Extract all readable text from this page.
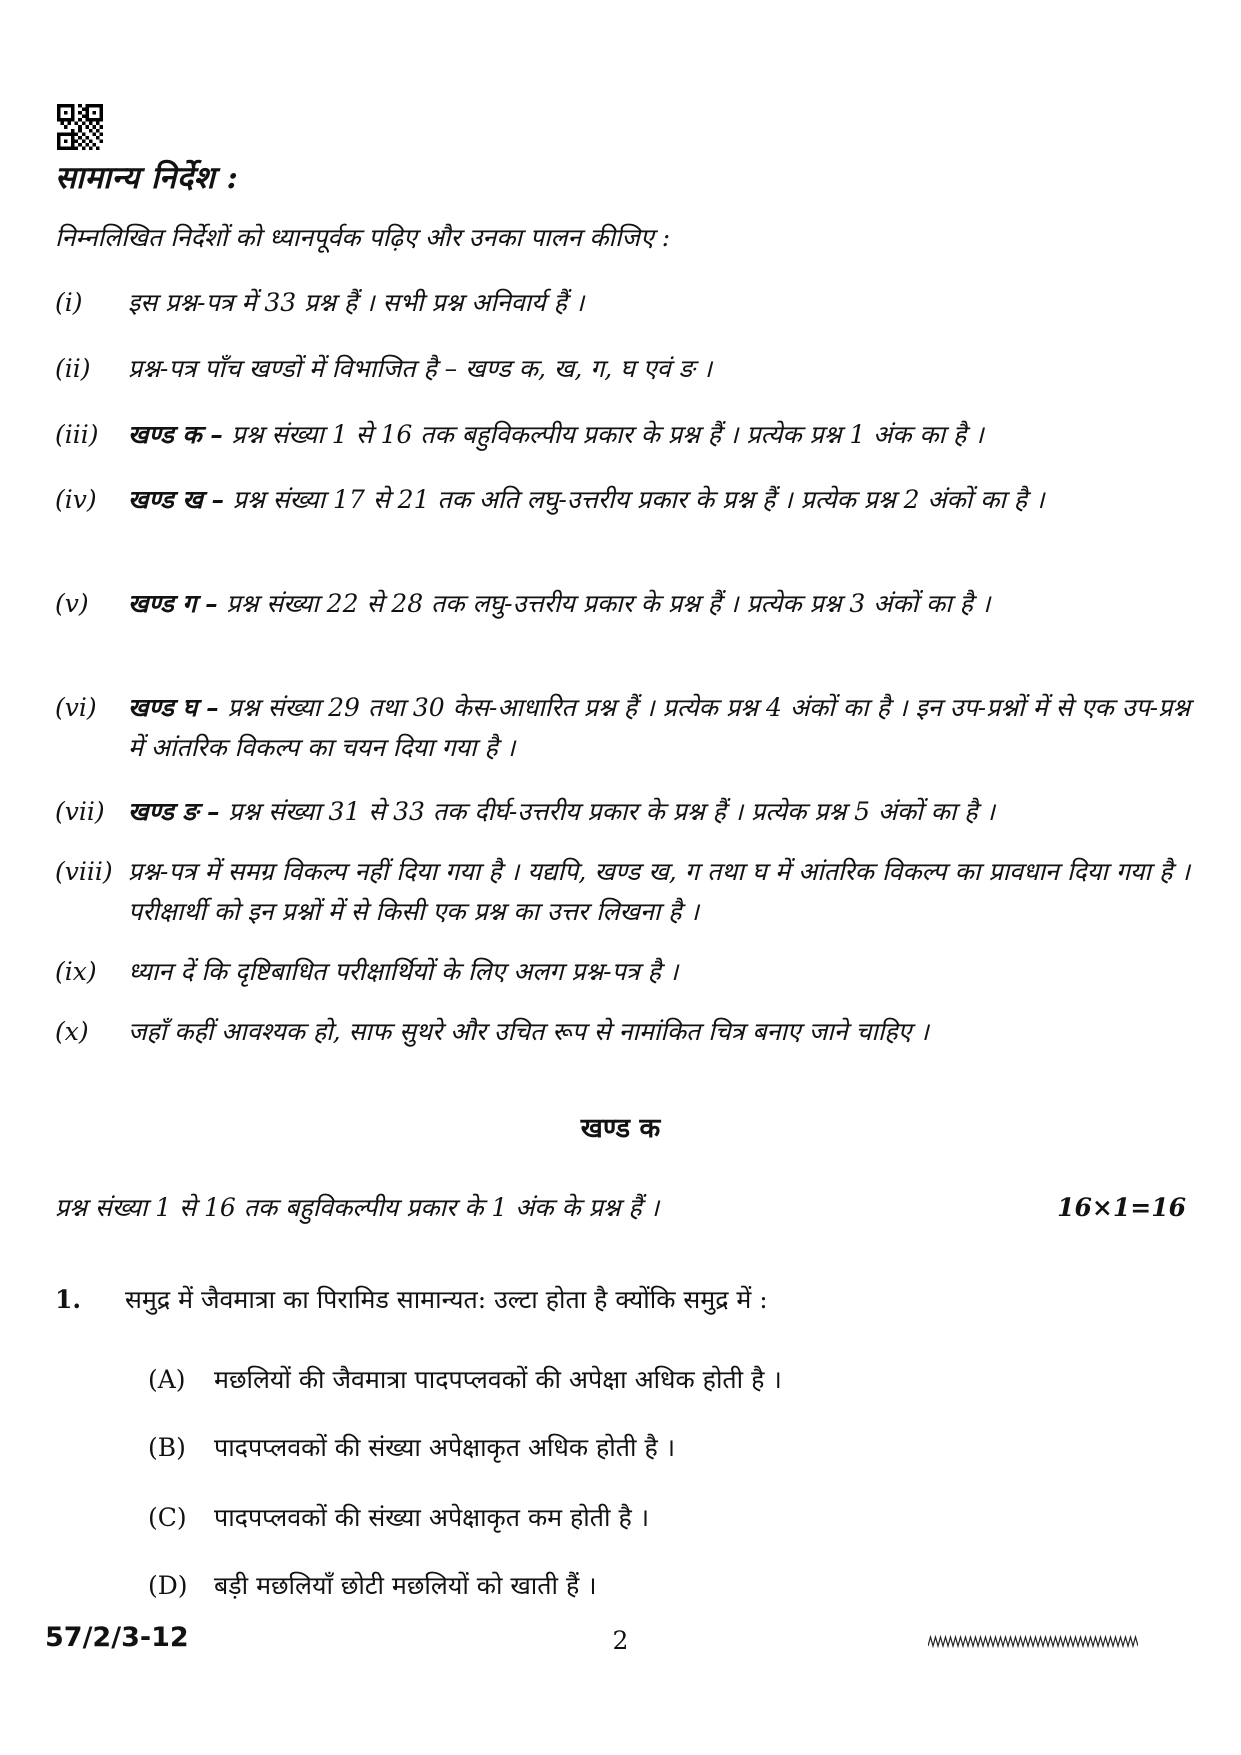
सामान्य निर्देश :
निम्नलिखित निर्देशों को ध्यानपूर्वक पढ़िए और उनका पालन कीजिए :
(i) इस प्रश्न-पत्र में 33 प्रश्न हैं । सभी प्रश्न अनिवार्य हैं ।
(ii) प्रश्न-पत्र पाँच खण्डों में विभाजित है – खण्ड क, ख, ग, घ एवं ङ ।
(iii) खण्ड क – प्रश्न संख्या 1 से 16 तक बहुविकल्पीय प्रकार के प्रश्न हैं । प्रत्येक प्रश्न 1 अंक का है ।
(iv) खण्ड ख – प्रश्न संख्या 17 से 21 तक अति लघु-उत्तरीय प्रकार के प्रश्न हैं । प्रत्येक प्रश्न 2 अंकों का है ।
(v) खण्ड ग – प्रश्न संख्या 22 से 28 तक लघु-उत्तरीय प्रकार के प्रश्न हैं । प्रत्येक प्रश्न 3 अंकों का है ।
(vi) खण्ड घ – प्रश्न संख्या 29 तथा 30 केस-आधारित प्रश्न हैं । प्रत्येक प्रश्न 4 अंकों का है । इन उप-प्रश्नों में से एक उप-प्रश्न में आंतरिक विकल्प का चयन दिया गया है ।
(vii) खण्ड ङ – प्रश्न संख्या 31 से 33 तक दीर्घ-उत्तरीय प्रकार के प्रश्न हैं । प्रत्येक प्रश्न 5 अंकों का है ।
(viii) प्रश्न-पत्र में समग्र विकल्प नहीं दिया गया है । यद्यपि, खण्ड ख, ग तथा घ में आंतरिक विकल्प का प्रावधान दिया गया है । परीक्षार्थी को इन प्रश्नों में से किसी एक प्रश्न का उत्तर लिखना है ।
(ix) ध्यान दें कि दृष्टिबाधित परीक्षार्थियों के लिए अलग प्रश्न-पत्र है ।
(x) जहाँ कहीं आवश्यक हो, साफ सुथरे और उचित रूप से नामांकित चित्र बनाए जाने चाहिए ।
खण्ड क
प्रश्न संख्या 1 से 16 तक बहुविकल्पीय प्रकार के 1 अंक के प्रश्न हैं ।	16×1=16
1. समुद्र में जैवमात्रा का पिरामिड सामान्यत: उल्टा होता है क्योंकि समुद्र में :
(A) मछलियों की जैवमात्रा पादपप्लवकों की अपेक्षा अधिक होती है ।
(B) पादपप्लवकों की संख्या अपेक्षाकृत अधिक होती है ।
(C) पादपप्लवकों की संख्या अपेक्षाकृत कम होती है ।
(D) बड़ी मछलियाँ छोटी मछलियों को खाती हैं ।
57/2/3-12	2
